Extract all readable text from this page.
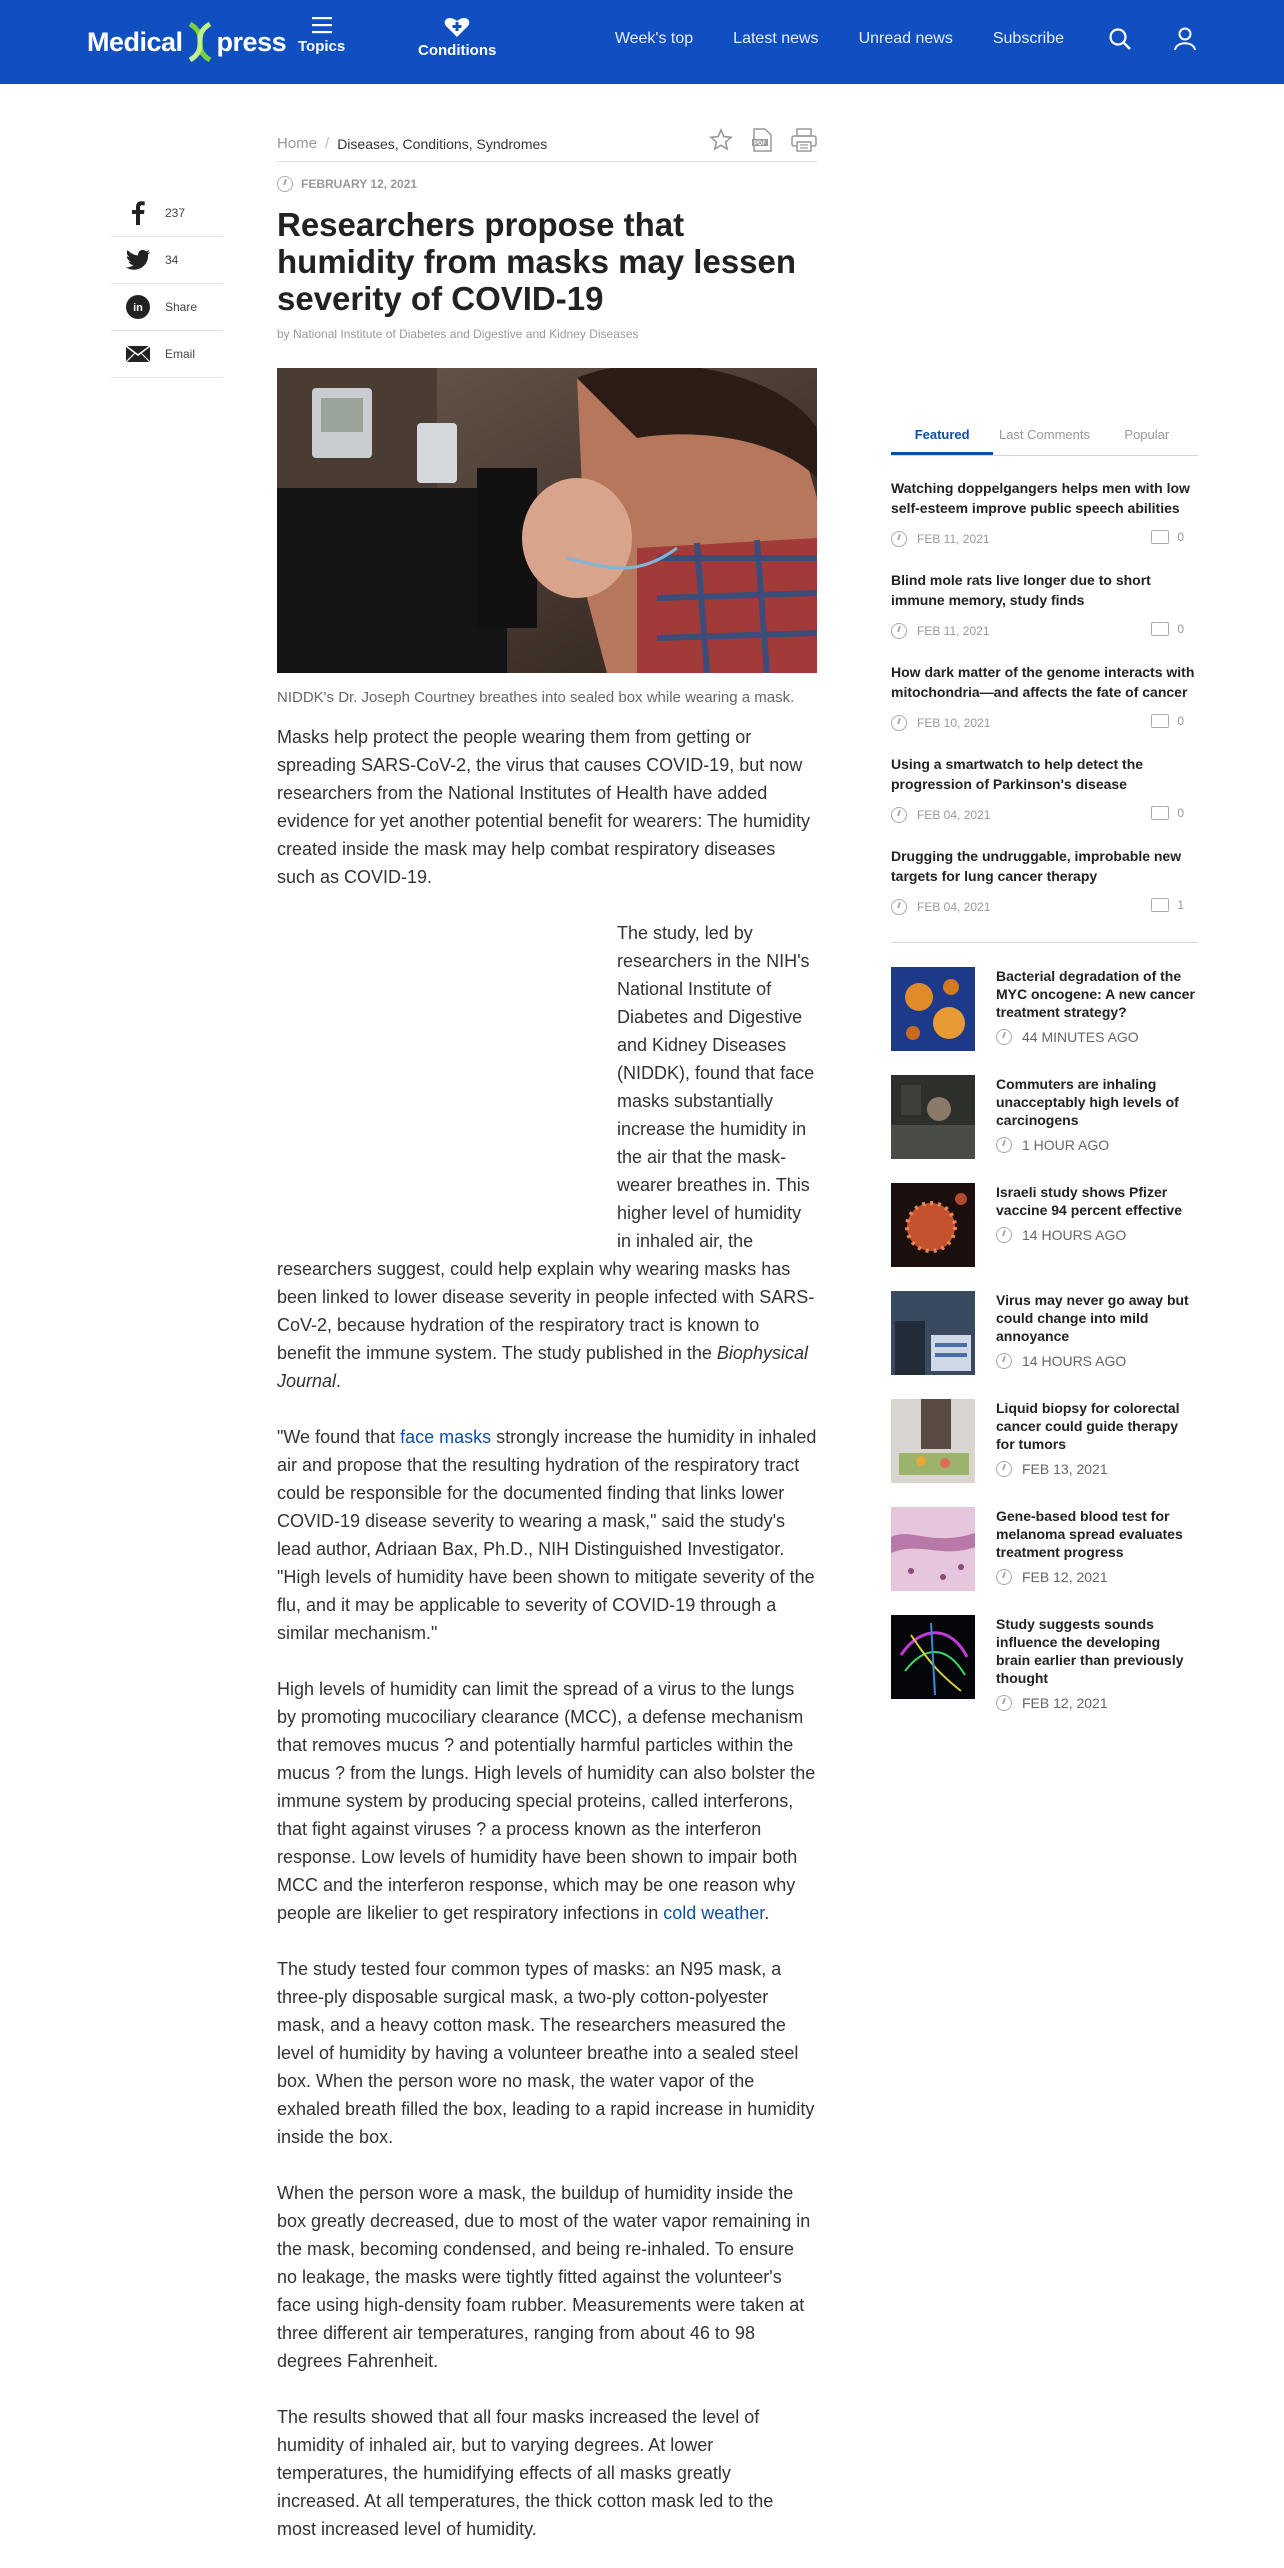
Medical press Topics	Conditions
Week's top	Latest news	Unread news	Subscribe
237
34
in Share
Email
Home / Diseases, Conditions, Syndromes	PDF
FEBRUARY 12, 2021
Researchers propose that humidity from masks may lessen severity of COVID-19
by National Institute of Diabetes and Digestive and Kidney Diseases
NIDDK's Dr. Joseph Courtney breathes into sealed box while wearing a mask.

Masks help protect the people wearing them from getting or spreading SARS-CoV-2, the virus that causes COVID-19, but now researchers from the National Institutes of Health have added evidence for yet another potential benefit for wearers: The humidity created inside the mask may help combat respiratory diseases such as COVID-19.

The study, led by researchers in the NIH's National Institute of Diabetes and Digestive and Kidney Diseases (NIDDK), found that face masks substantially increase the humidity in the air that the mask-wearer breathes in. This higher level of humidity in inhaled air, the researchers suggest, could help explain why wearing masks has been linked to lower disease severity in people infected with SARS-CoV-2, because hydration of the respiratory tract is known to benefit the immune system. The study published in the Biophysical Journal.

"We found that face masks strongly increase the humidity in inhaled air and propose that the resulting hydration of the respiratory tract could be responsible for the documented finding that links lower COVID-19 disease severity to wearing a mask," said the study's lead author, Adriaan Bax, Ph.D., NIH Distinguished Investigator. "High levels of humidity have been shown to mitigate severity of the flu, and it may be applicable to severity of COVID-19 through a similar mechanism."

High levels of humidity can limit the spread of a virus to the lungs by promoting mucociliary clearance (MCC), a defense mechanism that removes mucus ? and potentially harmful particles within the mucus ? from the lungs. High levels of humidity can also bolster the immune system by producing special proteins, called interferons, that fight against viruses ? a process known as the interferon response. Low levels of humidity have been shown to impair both MCC and the interferon response, which may be one reason why people are likelier to get respiratory infections in cold weather.

The study tested four common types of masks: an N95 mask, a three-ply disposable surgical mask, a two-ply cotton-polyester mask, and a heavy cotton mask. The researchers measured the level of humidity by having a volunteer breathe into a sealed steel box. When the person wore no mask, the water vapor of the exhaled breath filled the box, leading to a rapid increase in humidity inside the box.

When the person wore a mask, the buildup of humidity inside the box greatly decreased, due to most of the water vapor remaining in the mask, becoming condensed, and being re-inhaled. To ensure no leakage, the masks were tightly fitted against the volunteer's face using high-density foam rubber. Measurements were taken at three different air temperatures, ranging from about 46 to 98 degrees Fahrenheit.

The results showed that all four masks increased the level of humidity of inhaled air, but to varying degrees. At lower temperatures, the humidifying effects of all masks greatly increased. At all temperatures, the thick cotton mask led to the most increased level of humidity.

Featured	Last Comments	Popular
Watching doppelgangers helps men with low self-esteem improve public speech abilities
FEB 11, 2021	0
Blind mole rats live longer due to short immune memory, study finds
FEB 11, 2021	0
How dark matter of the genome interacts with mitochondria—and affects the fate of cancer
FEB 10, 2021	0
Using a smartwatch to help detect the progression of Parkinson's disease
FEB 04, 2021	0
Drugging the undruggable, improbable new targets for lung cancer therapy
FEB 04, 2021	1
Bacterial degradation of the MYC oncogene: A new cancer treatment strategy?
44 MINUTES AGO
Commuters are inhaling unacceptably high levels of carcinogens
1 HOUR AGO
Israeli study shows Pfizer vaccine 94 percent effective
14 HOURS AGO
Virus may never go away but could change into mild annoyance
14 HOURS AGO
Liquid biopsy for colorectal cancer could guide therapy for tumors
FEB 13, 2021
Gene-based blood test for melanoma spread evaluates treatment progress
FEB 12, 2021
Study suggests sounds influence the developing brain earlier than previously thought
FEB 12, 2021
